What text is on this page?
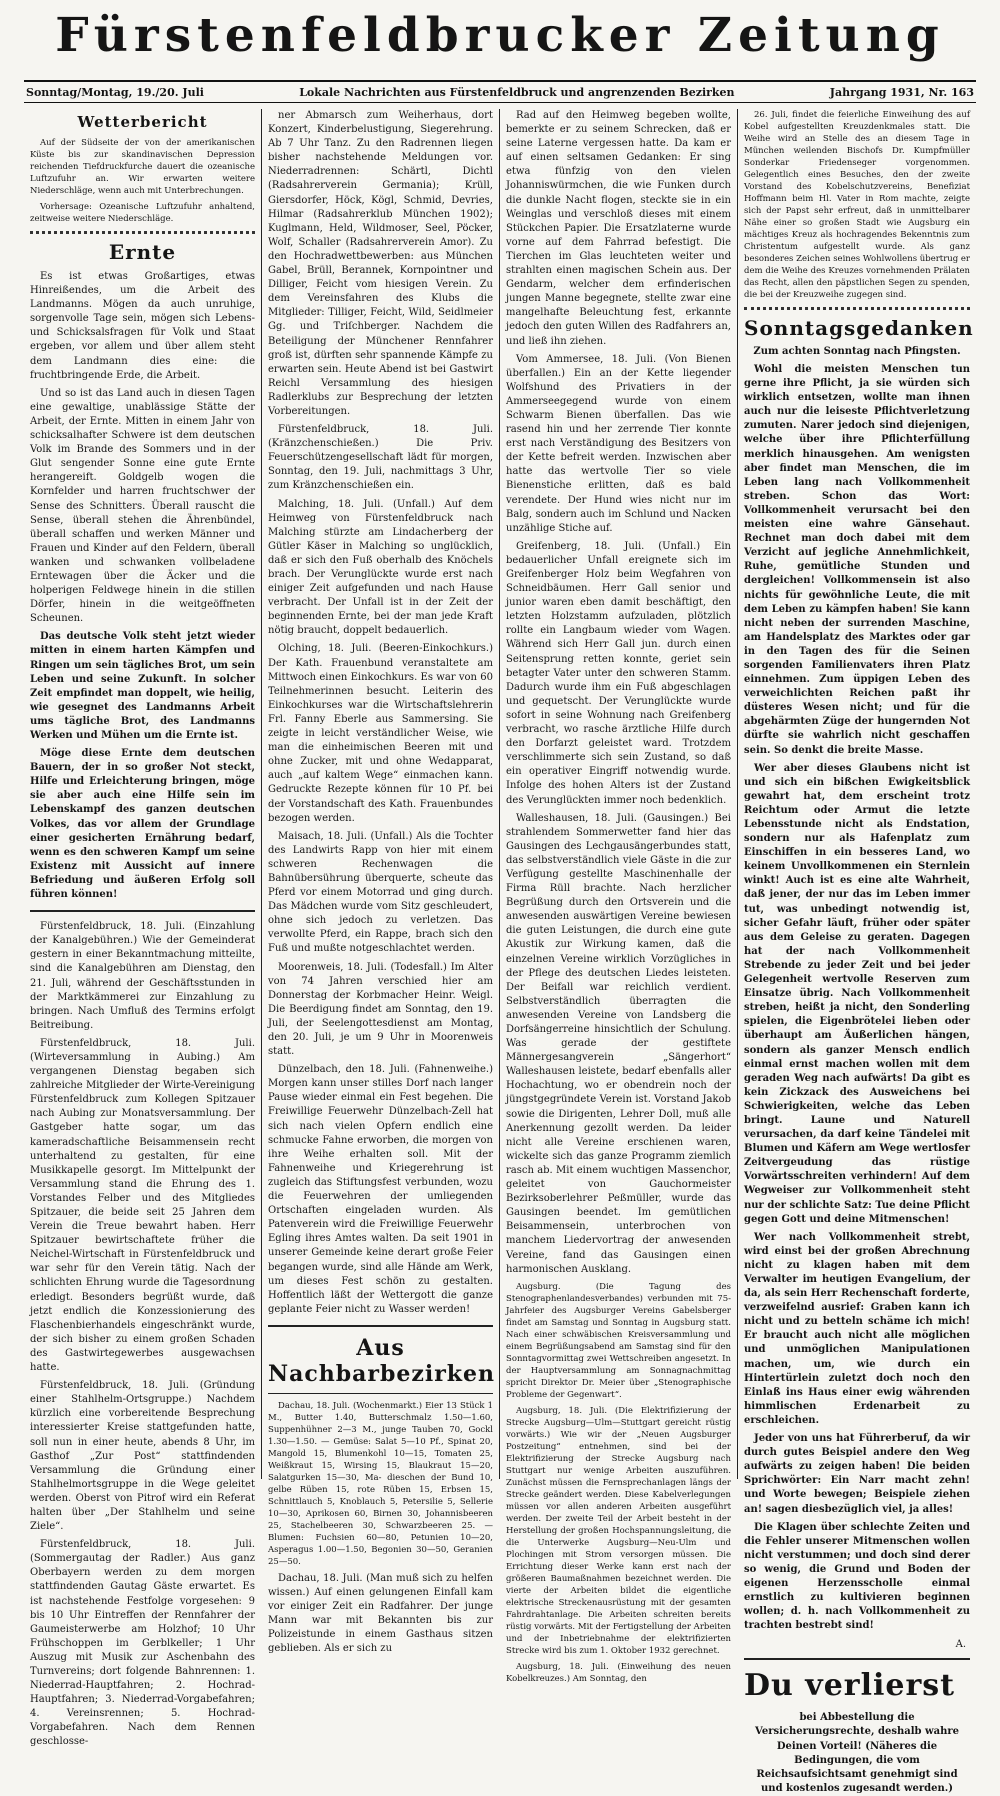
Fürstenfeldbrucker Zeitung
Sonntag/Montag, 19./20. Juli	Lokale Nachrichten aus Fürstenfeldbruck und angrenzenden Bezirken	Jahrgang 1931, Nr. 163
Wetterbericht

Auf der Südseite der von der amerikanischen Küste bis zur skandinavischen Depression reichenden Tiefdruckfurche dauert die ozeanische Luftzufuhr an. Wir erwarten weitere Niederschläge, wenn auch mit Unterbrechungen.

Vorhersage: Ozeanische Luftzufuhr anhaltend, zeitweise weitere Niederschläge.

Ernte

Es ist etwas Großartiges, etwas Hinreißendes, um die Arbeit des Landmanns. Mögen da auch unruhige, sorgenvolle Tage sein, mögen sich Lebens- und Schicksalsfragen für Volk und Staat ergeben, vor allem und über allem steht dem Landmann dies eine: die fruchtbringende Erde, die Arbeit.

Und so ist das Land auch in diesen Tagen eine gewaltige, unablässige Stätte der Arbeit, der Ernte. Mitten in einem Jahr von schicksalhafter Schwere ist dem deutschen Volk im Brande des Sommers und in der Glut sengender Sonne eine gute Ernte herangereift. Goldgelb wogen die Kornfelder und harren fruchtschwer der Sense des Schnitters. Überall rauscht die Sense, überall stehen die Ährenbündel, überall schaffen und werken Männer und Frauen und Kinder auf den Feldern, überall wanken und schwanken vollbeladene Erntewagen über die Äcker und die holperigen Feldwege hinein in die stillen Dörfer, hinein in die weitgeöffneten Scheunen.

Das deutsche Volk steht jetzt wieder mitten in einem harten Kämpfen und Ringen um sein tägliches Brot, um sein Leben und seine Zukunft. In solcher Zeit empfindet man doppelt, wie heilig, wie gesegnet des Landmanns Arbeit ums tägliche Brot, des Landmanns Werken und Mühen um die Ernte ist.

Möge diese Ernte dem deutschen Bauern, der in so großer Not steckt, Hilfe und Erleichterung bringen, möge sie aber auch eine Hilfe sein im Lebenskampf des ganzen deutschen Volkes, das vor allem der Grundlage einer gesicherten Ernährung bedarf, wenn es den schweren Kampf um seine Existenz mit Aussicht auf innere Befriedung und äußeren Erfolg soll führen können!

Fürstenfeldbruck, 18. Juli. (Einzahlung der Kanalgebühren.) Wie der Gemeinderat gestern in einer Bekanntmachung mitteilte, sind die Kanalgebühren am Dienstag, den 21. Juli, während der Geschäftsstunden in der Marktkämmerei zur Einzahlung zu bringen. Nach Umfluß des Termins erfolgt Beitreibung.

Fürstenfeldbruck, 18. Juli. (Wirteversammlung in Aubing.) Am vergangenen Dienstag begaben sich zahlreiche Mitglieder der Wirte-Vereinigung Fürstenfeldbruck zum Kollegen Spitzauer nach Aubing zur Monatsversammlung. Der Gastgeber hatte sogar, um das kameradschaftliche Beisammensein recht unterhaltend zu gestalten, für eine Musikkapelle gesorgt. Im Mittelpunkt der Versammlung stand die Ehrung des 1. Vorstandes Felber und des Mitgliedes Spitzauer, die beide seit 25 Jahren dem Verein die Treue bewahrt haben. Herr Spitzauer bewirtschaftete früher die Neichel-Wirtschaft in Fürstenfeldbruck und war sehr für den Verein tätig. Nach der schlichten Ehrung wurde die Tagesordnung erledigt. Besonders begrüßt wurde, daß jetzt endlich die Konzessionierung des Flaschenbierhandels eingeschränkt wurde, der sich bisher zu einem großen Schaden des Gastwirtegewerbes ausgewachsen hatte.

Fürstenfeldbruck, 18. Juli. (Gründung einer Stahlhelm-Ortsgruppe.) Nachdem kürzlich eine vorbereitende Besprechung interessierter Kreise stattgefunden hatte, soll nun in einer heute, abends 8 Uhr, im Gasthof „Zur Post“ stattfindenden Versammlung die Gründung einer Stahlhelmortsgruppe in die Wege geleitet werden. Oberst von Pitrof wird ein Referat halten über „Der Stahlhelm und seine Ziele“.

Fürstenfeldbruck, 18. Juli. (Sommergautag der Radler.) Aus ganz Oberbayern werden zu dem morgen stattfindenden Gautag Gäste erwartet. Es ist nachstehende Festfolge vorgesehen: 9 bis 10 Uhr Eintreffen der Rennfahrer der Gaumeisterwerbe am Holzhof; 10 Uhr Frühschoppen im Gerblkeller; 1 Uhr Auszug mit Musik zur Aschenbahn des Turnvereins; dort folgende Bahnrennen: 1. Niederrad-Hauptfahren; 2. Hochrad-Hauptfahren; 3. Niederrad-Vorgabefahren; 4. Vereinsrennen; 5. Hochrad-Vorgabefahren. Nach dem Rennen geschlosse-

ner Abmarsch zum Weiherhaus, dort Konzert, Kinderbelustigung, Siegerehrung. Ab 7 Uhr Tanz. Zu den Radrennen liegen bisher nachstehende Meldungen vor. Niederradrennen: Schärtl, Dichtl (Radsahrerverein Germania); Krüll, Giersdorfer, Höck, Kögl, Schmid, Devries, Hilmar (Radsahrerklub München 1902); Kuglmann, Held, Wildmoser, Seel, Pöcker, Wolf, Schaller (Radsahrerverein Amor). Zu den Hochradwettbewerben: aus München Gabel, Brüll, Berannek, Kornpointner und Dilliger, Feicht vom hiesigen Verein. Zu dem Vereinsfahren des Klubs die Mitglieder: Tilliger, Feicht, Wild, Seidlmeier Gg. und Triſchberger. Nachdem die Beteiligung der Münchener Rennfahrer groß ist, dürften sehr spannende Kämpfe zu erwarten sein. Heute Abend ist bei Gastwirt Reichl Versammlung des hiesigen Radlerklubs zur Besprechung der letzten Vorbereitungen.

Fürstenfeldbruck, 18. Juli. (Kränzchenschießen.) Die Priv. Feuerschützengesellschaft lädt für morgen, Sonntag, den 19. Juli, nachmittags 3 Uhr, zum Kränzchenschießen ein.

Malching, 18. Juli. (Unfall.) Auf dem Heimweg von Fürstenfeldbruck nach Malching stürzte am Lindacherberg der Gütler Käser in Malching so unglücklich, daß er sich den Fuß oberhalb des Knöchels brach. Der Verunglückte wurde erst nach einiger Zeit aufgefunden und nach Hause verbracht. Der Unfall ist in der Zeit der beginnenden Ernte, bei der man jede Kraft nötig braucht, doppelt bedauerlich.

Olching, 18. Juli. (Beeren-Einkochkurs.) Der Kath. Frauenbund veranstaltete am Mittwoch einen Einkochkurs. Es war von 60 Teilnehmerinnen besucht. Leiterin des Einkochkurses war die Wirtschaftslehrerin Frl. Fanny Eberle aus Sammersing. Sie zeigte in leicht verständlicher Weise, wie man die einheimischen Beeren mit und ohne Zucker, mit und ohne Wedapparat, auch „auf kaltem Wege“ einmachen kann. Gedruckte Rezepte können für 10 Pf. bei der Vorstandschaft des Kath. Frauenbundes bezogen werden.

Maisach, 18. Juli. (Unfall.) Als die Tochter des Landwirts Rapp von hier mit einem schweren Rechenwagen die Bahnübersührung überquerte, scheute das Pferd vor einem Motorrad und ging durch. Das Mädchen wurde vom Sitz geschleudert, ohne sich jedoch zu verletzen. Das verwollte Pferd, ein Rappe, brach sich den Fuß und mußte notgeschlachtet werden.

Moorenweis, 18. Juli. (Todesfall.) Im Alter von 74 Jahren verschied hier am Donnerstag der Korbmacher Heinr. Weigl. Die Beerdigung findet am Sonntag, den 19. Juli, der Seelengottesdienst am Montag, den 20. Juli, je um 9 Uhr in Moorenweis statt.

Dünzelbach, den 18. Juli. (Fahnenweihe.) Morgen kann unser stilles Dorf nach langer Pause wieder einmal ein Fest begehen. Die Freiwillige Feuerwehr Dünzelbach-Zell hat sich nach vielen Opfern endlich eine schmucke Fahne erworben, die morgen von ihre Weihe erhalten soll. Mit der Fahnenweihe und Kriegerehrung ist zugleich das Stiftungsfest verbunden, wozu die Feuerwehren der umliegenden Ortschaften eingeladen wurden. Als Patenverein wird die Freiwillige Feuerwehr Egling ihres Amtes walten. Da seit 1901 in unserer Gemeinde keine derart große Feier begangen wurde, sind alle Hände am Werk, um dieses Fest schön zu gestalten. Hoffentlich läßt der Wettergott die ganze geplante Feier nicht zu Wasser werden!

Aus Nachbarbezirken

Dachau, 18. Juli. (Wochenmarkt.) Eier 13 Stück 1 M., Butter 1.40, Butterschmalz 1.50—1.60, Suppenhühner 2—3 M., junge Tauben 70, Gockl 1.30—1.50. — Gemüse: Salat 5—10 Pf., Spinat 20, Mangold 15, Blumenkohl 10—15, Tomaten 25, Weißkraut 15, Wirsing 15, Blaukraut 15—20, Salatgurken 15—30, Ma- dieschen der Bund 10, gelbe Rüben 15, rote Rüben 15, Erbsen 15, Schnittlauch 5, Knoblauch 5, Petersilie 5, Sellerie 10—30, Aprikosen 60, Birnen 30, Johannisbeeren 25, Stachelbeeren 30, Schwarzbeeren 25. — Blumen: Fuchsien 60—80, Petunien 10—20, Asperagus 1.00—1.50, Begonien 30—50, Geranien 25—50.

Dachau, 18. Juli. (Man muß sich zu helfen wissen.) Auf einen gelungenen Einfall kam vor einiger Zeit ein Radfahrer. Der junge Mann war mit Bekannten bis zur Polizeistunde in einem Gasthaus sitzen geblieben. Als er sich zu

Rad auf den Heimweg begeben wollte, bemerkte er zu seinem Schrecken, daß er seine Laterne vergessen hatte. Da kam er auf einen seltsamen Gedanken: Er sing etwa fünfzig von den vielen Johanniswürmchen, die wie Funken durch die dunkle Nacht flogen, steckte sie in ein Weinglas und verschloß dieses mit einem Stückchen Papier. Die Ersatzlaterne wurde vorne auf dem Fahrrad befestigt. Die Tierchen im Glas leuchteten weiter und strahlten einen magischen Schein aus. Der Gendarm, welcher dem erfinderischen jungen Manne begegnete, stellte zwar eine mangelhafte Beleuchtung fest, erkannte jedoch den guten Willen des Radfahrers an, und ließ ihn ziehen.

Vom Ammersee, 18. Juli. (Von Bienen überfallen.) Ein an der Kette liegender Wolfshund des Privatiers in der Ammerseegegend wurde von einem Schwarm Bienen überfallen. Das wie rasend hin und her zerrende Tier konnte erst nach Verständigung des Besitzers von der Kette befreit werden. Inzwischen aber hatte das wertvolle Tier so viele Bienenstiche erlitten, daß es bald verendete. Der Hund wies nicht nur im Balg, sondern auch im Schlund und Nacken unzählige Stiche auf.

Greifenberg, 18. Juli. (Unfall.) Ein bedauerlicher Unfall ereignete sich im Greifenberger Holz beim Wegfahren von Schneidbäumen. Herr Gall senior und junior waren eben damit beschäftigt, den letzten Holzstamm aufzuladen, plötzlich rollte ein Langbaum wieder vom Wagen. Während sich Herr Gall jun. durch einen Seitensprung retten konnte, geriet sein betagter Vater unter den schweren Stamm. Dadurch wurde ihm ein Fuß abgeschlagen und gequetscht. Der Verunglückte wurde sofort in seine Wohnung nach Greifenberg verbracht, wo rasche ärztliche Hilfe durch den Dorfarzt geleistet ward. Trotzdem verschlimmerte sich sein Zustand, so daß ein operativer Eingriff notwendig wurde. Infolge des hohen Alters ist der Zustand des Verunglückten immer noch bedenklich.

Walleshausen, 18. Juli. (Gausingen.) Bei strahlendem Sommerwetter fand hier das Gausingen des Lechgausängerbundes statt, das selbstverständlich viele Gäste in die zur Verfügung gestellte Maschinenhalle der Firma Rüll brachte. Nach herzlicher Begrüßung durch den Ortsverein und die anwesenden auswärtigen Vereine bewiesen die guten Leistungen, die durch eine gute Akustik zur Wirkung kamen, daß die einzelnen Vereine wirklich Vorzügliches in der Pflege des deutschen Liedes leisteten. Der Beifall war reichlich verdient. Selbstverständlich überragten die anwesenden Vereine von Landsberg die Dorfsängerreine hinsichtlich der Schulung. Was gerade der gestiftete Männergesangverein „Sängerhort“ Walleshausen leistete, bedarf ebenfalls aller Hochachtung, wo er obendrein noch der jüngstgegründete Verein ist. Vorstand Jakob sowie die Dirigenten, Lehrer Doll, muß alle Anerkennung gezollt werden. Da leider nicht alle Vereine erschienen waren, wickelte sich das ganze Programm ziemlich rasch ab. Mit einem wuchtigen Massenchor, geleitet von Gauchormeister Bezirksoberlehrer Peßmüller, wurde das Gausingen beendet. Im gemütlichen Beisammensein, unterbrochen von manchem Liedervortrag der anwesenden Vereine, fand das Gausingen einen harmonischen Ausklang.

Augsburg. (Die Tagung des Stenographenlandesverbandes) verbunden mit 75-Jahrfeier des Augsburger Vereins Gabelsberger findet am Samstag und Sonntag in Augsburg statt. Nach einer schwäbischen Kreisversammlung und einem Begrüßungsabend am Samstag sind für den Sonntagvormittag zwei Wettschreiben angesetzt. In der Hauptversammlung am Sonnagnachmittag spricht Direktor Dr. Meier über „Stenographische Probleme der Gegenwart“.

Augsburg, 18. Juli. (Die Elektrifizierung der Strecke Augsburg—Ulm—Stuttgart gereicht rüstig vorwärts.) Wie wir der „Neuen Augsburger Postzeitung“ entnehmen, sind bei der Elektrifizierung der Strecke Augsburg nach Stuttgart nur wenige Arbeiten auszuführen. Zunächst müssen die Fernsprechanlagen längs der Strecke geändert werden. Diese Kabelverlegungen müssen vor allen anderen Arbeiten ausgeführt werden. Der zweite Teil der Arbeit besteht in der Herstellung der großen Hochspannungsleitung, die die Unterwerke Augsburg—Neu-Ulm und Plochingen mit Strom versorgen müssen. Die Errichtung dieser Werke kann erst nach der größeren Baumaßnahmen bezeichnet werden. Die vierte der Arbeiten bildet die eigentliche elektrische Streckenausrüstung mit der gesamten Fahrdrahtanlage. Die Arbeiten schreiten bereits rüstig vorwärts. Mit der Fertigstellung der Arbeiten und der Inbetriebnahme der elektrifizierten Strecke wird bis zum 1. Oktober 1932 gerechnet.

Augsburg, 18. Juli. (Einweihung des neuen Kobelkreuzes.) Am Sonntag, den

26. Juli, findet die feierliche Einweihung des auf Kobel aufgestellten Kreuzdenkmales statt. Die Weihe wird an Stelle des an diesem Tage in München weilenden Bischofs Dr. Kumpfmüller Sonderkar Friedenseger vorgenommen. Gelegentlich eines Besuches, den der zweite Vorstand des Kobelschutzvereins, Benefiziat Hoffmann beim Hl. Vater in Rom machte, zeigte sich der Papst sehr erfreut, daß in unmittelbarer Nähe einer so großen Stadt wie Augsburg ein mächtiges Kreuz als hochragendes Bekenntnis zum Christentum aufgestellt wurde. Als ganz besonderes Zeichen seines Wohlwollens übertrug er dem die Weihe des Kreuzes vornehmenden Prälaten das Recht, allen den päpstlichen Segen zu spenden, die bei der Kreuzweihe zugegen sind.

Sonntagsgedanken
Zum achten Sonntag nach Pfingsten.

Wohl die meisten Menschen tun gerne ihre Pflicht, ja sie würden sich wirklich entsetzen, wollte man ihnen auch nur die leiseste Pflichtverletzung zumuten. Narer jedoch sind diejenigen, welche über ihre Pflichterfüllung merklich hinausgehen. Am wenigsten aber findet man Menschen, die im Leben lang nach Vollkommenheit streben. Schon das Wort: Vollkommenheit verursacht bei den meisten eine wahre Gänsehaut. Rechnet man doch dabei mit dem Verzicht auf jegliche Annehmlichkeit, Ruhe, gemütliche Stunden und dergleichen! Vollkommensein ist also nichts für gewöhnliche Leute, die mit dem Leben zu kämpfen haben! Sie kann nicht neben der surrenden Maschine, am Handelsplatz des Marktes oder gar in den Tagen des für die Seinen sorgenden Familienvaters ihren Platz einnehmen. Zum üppigen Leben des verweichlichten Reichen paßt ihr düsteres Wesen nicht; und für die abgehärmten Züge der hungernden Not dürfte sie wahrlich nicht geschaffen sein. So denkt die breite Masse.

Wer aber dieses Glaubens nicht ist und sich ein bißchen Ewigkeitsblick gewahrt hat, dem erscheint trotz Reichtum oder Armut die letzte Lebensstunde nicht als Endstation, sondern nur als Hafenplatz zum Einschiffen in ein besseres Land, wo keinem Unvollkommenen ein Sternlein winkt! Auch ist es eine alte Wahrheit, daß jener, der nur das im Leben immer tut, was unbedingt notwendig ist, sicher Gefahr läuft, früher oder später aus dem Geleise zu geraten. Dagegen hat der nach Vollkommenheit Strebende zu jeder Zeit und bei jeder Gelegenheit wertvolle Reserven zum Einsatze übrig. Nach Vollkommenheit streben, heißt ja nicht, den Sonderling spielen, die Eigenbrötelei lieben oder überhaupt am Äußerlichen hängen, sondern als ganzer Mensch endlich einmal ernst machen wollen mit dem geraden Weg nach aufwärts! Da gibt es kein Zickzack des Ausweichens bei Schwierigkeiten, welche das Leben bringt. Laune und Naturell verursachen, da darf keine Tändelei mit Blumen und Käfern am Wege wertlosfer Zeitvergeudung das rüstige Vorwärtsschreiten verhindern! Auf dem Wegweiser zur Vollkommenheit steht nur der schlichte Satz: Tue deine Pflicht gegen Gott und deine Mitmenschen!

Wer nach Vollkommenheit strebt, wird einst bei der großen Abrechnung nicht zu klagen haben mit dem Verwalter im heutigen Evangelium, der da, als sein Herr Rechenschaft forderte, verzweifelnd ausrief: Graben kann ich nicht und zu betteln schäme ich mich! Er braucht auch nicht alle möglichen und unmöglichen Manipulationen machen, um, wie durch ein Hintertürlein zuletzt doch noch den Einlaß ins Haus einer ewig währenden himmlischen Erdenarbeit zu erschleichen.

Jeder von uns hat Führerberuf, da wir durch gutes Beispiel andere den Weg aufwärts zu zeigen haben! Die beiden Sprichwörter: Ein Narr macht zehn! und Worte bewegen; Beispiele ziehen an! sagen diesbezüglich viel, ja alles!

Die Klagen über schlechte Zeiten und die Fehler unserer Mitmenschen wollen nicht verstummen; und doch sind derer so wenig, die Grund und Boden der eigenen Herzensscholle einmal ernstlich zu kultivieren beginnen wollen; d. h. nach Vollkommenheit zu trachten bestrebt sind!

A.
Du verlierst

bei Abbestellung die Versicherungsrechte, deshalb wahre Deinen Vorteil! (Näheres die Bedingungen, die vom Reichsaufsichtsamt genehmigt sind und kostenlos zugesandt werden.)
